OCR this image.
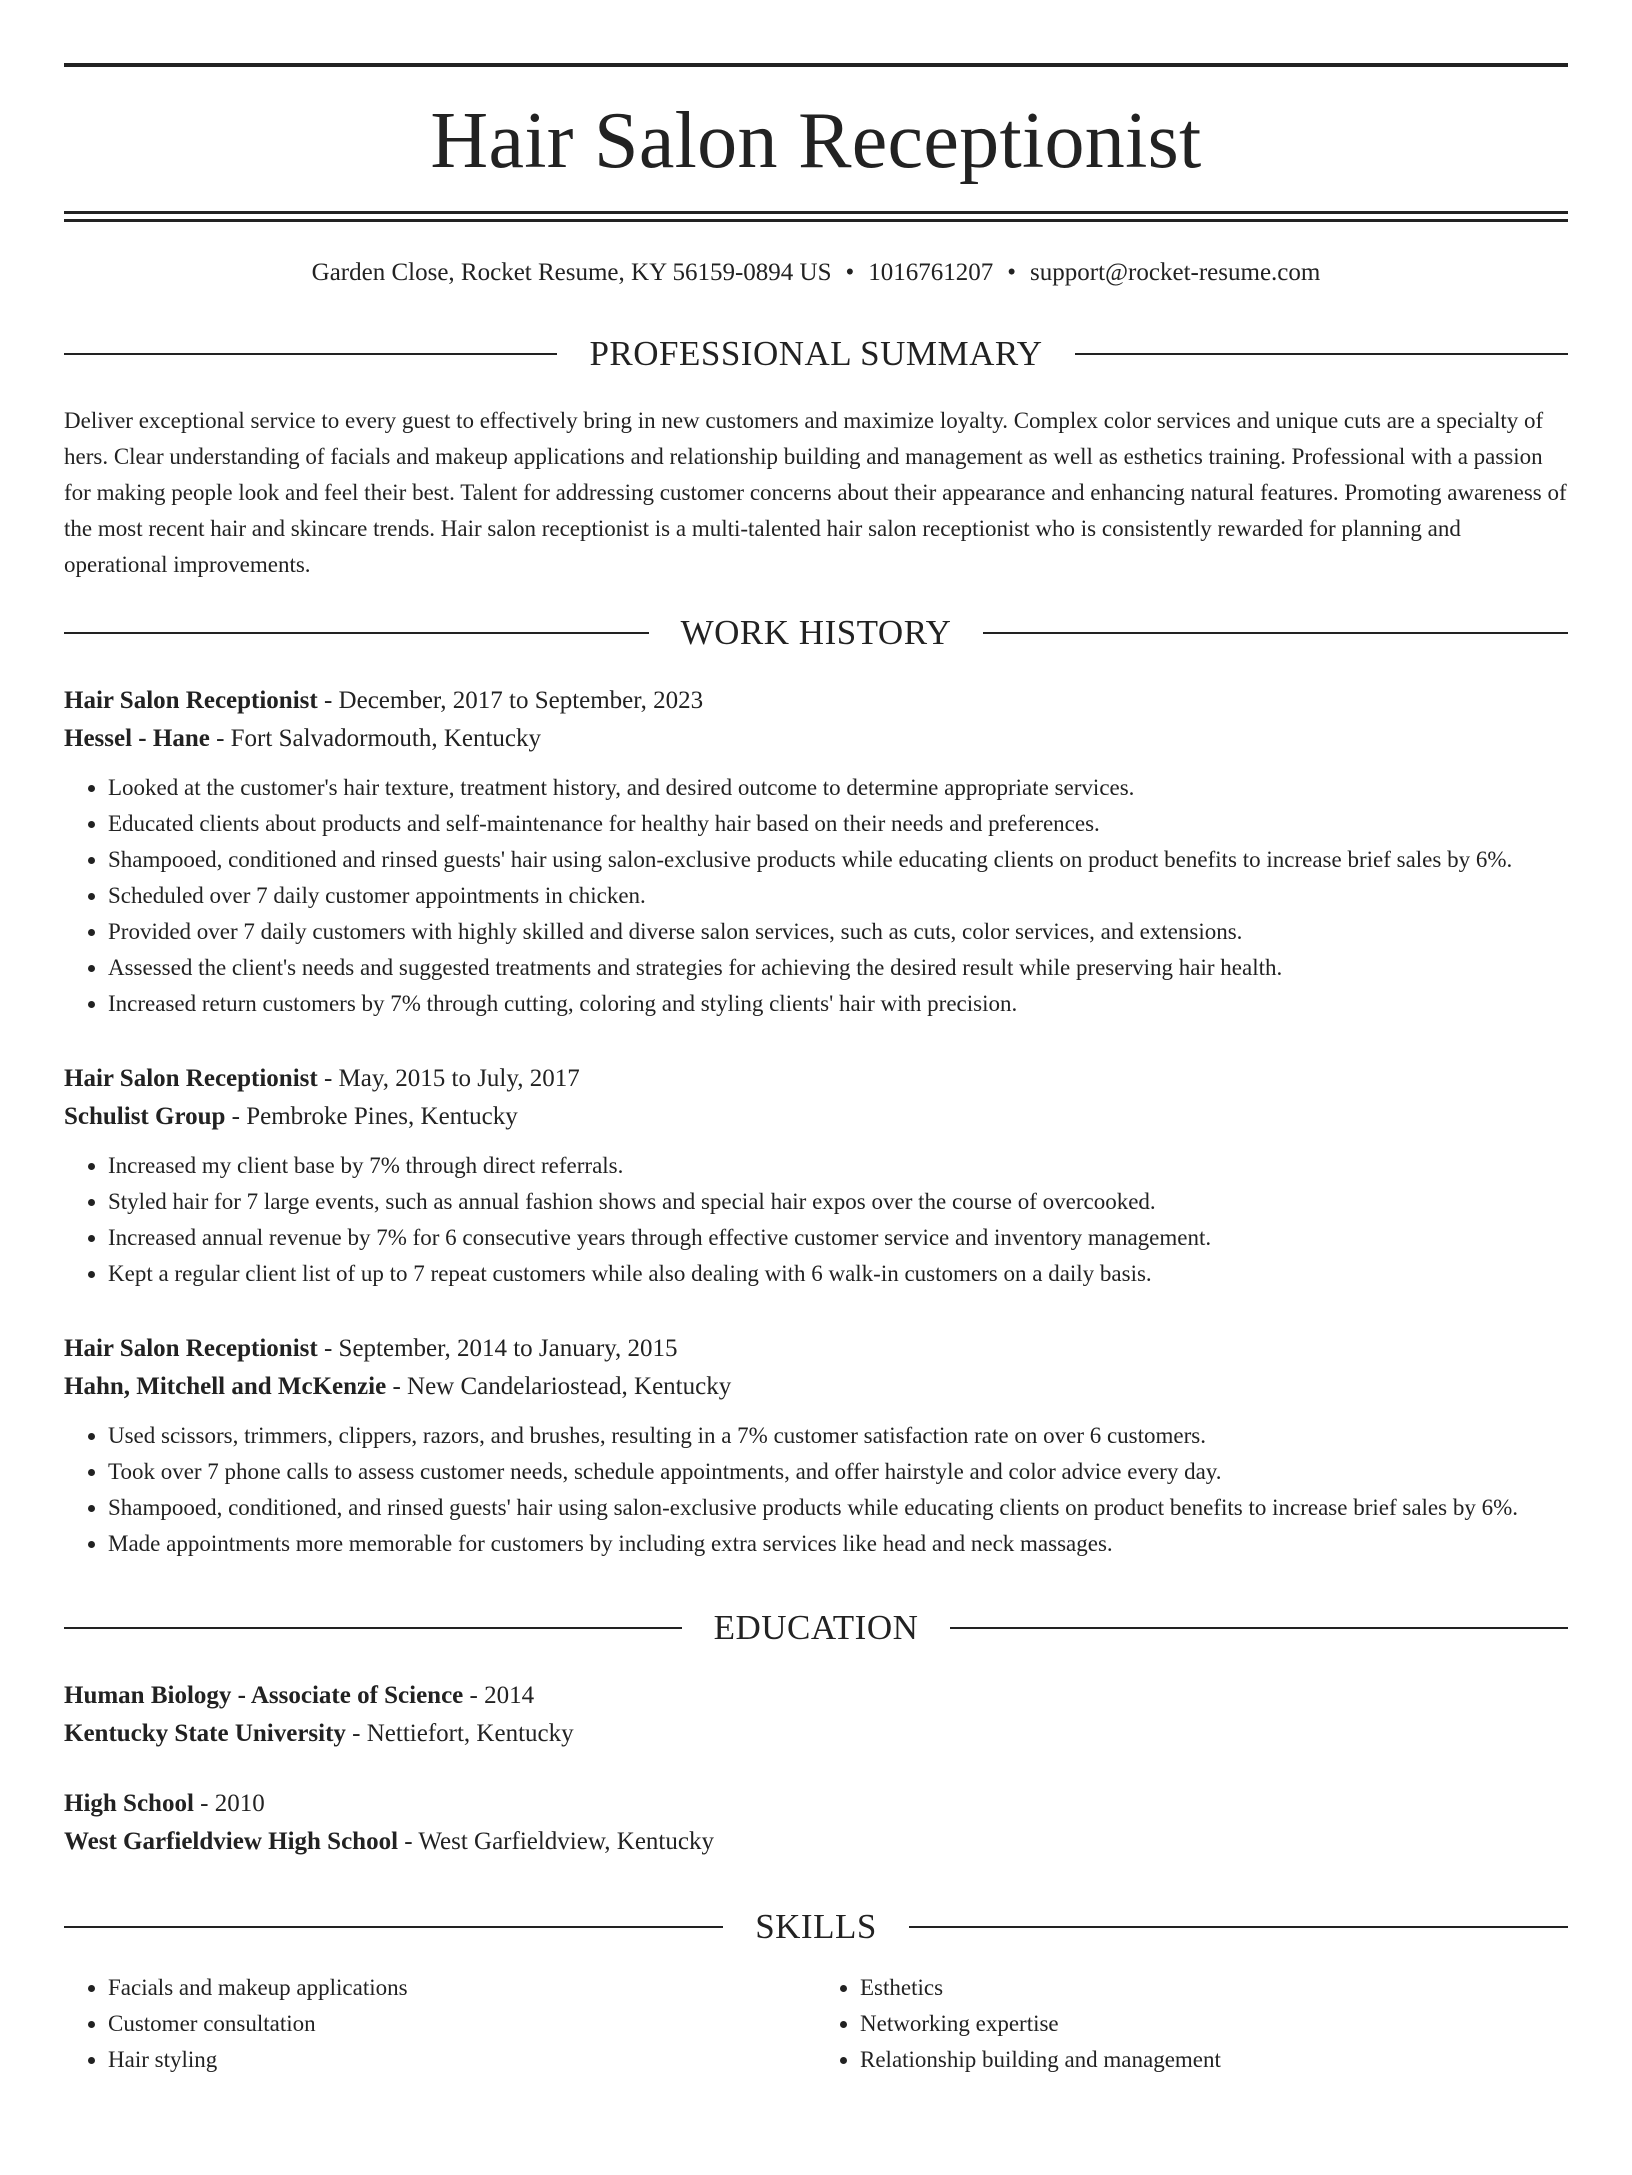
Hair Salon Receptionist
Garden Close, Rocket Resume, KY 56159-0894 US • 1016761207 • support@rocket-resume.com
PROFESSIONAL SUMMARY
Deliver exceptional service to every guest to effectively bring in new customers and maximize loyalty. Complex color services and unique cuts are a specialty of hers. Clear understanding of facials and makeup applications and relationship building and management as well as esthetics training. Professional with a passion for making people look and feel their best. Talent for addressing customer concerns about their appearance and enhancing natural features. Promoting awareness of the most recent hair and skincare trends. Hair salon receptionist is a multi-talented hair salon receptionist who is consistently rewarded for planning and operational improvements.
WORK HISTORY
Hair Salon Receptionist - December, 2017 to September, 2023
Hessel - Hane - Fort Salvadormouth, Kentucky
• Looked at the customer's hair texture, treatment history, and desired outcome to determine appropriate services.
• Educated clients about products and self-maintenance for healthy hair based on their needs and preferences.
• Shampooed, conditioned and rinsed guests' hair using salon-exclusive products while educating clients on product benefits to increase brief sales by 6%.
• Scheduled over 7 daily customer appointments in chicken.
• Provided over 7 daily customers with highly skilled and diverse salon services, such as cuts, color services, and extensions.
• Assessed the client's needs and suggested treatments and strategies for achieving the desired result while preserving hair health.
• Increased return customers by 7% through cutting, coloring and styling clients' hair with precision.
Hair Salon Receptionist - May, 2015 to July, 2017
Schulist Group - Pembroke Pines, Kentucky
• Increased my client base by 7% through direct referrals.
• Styled hair for 7 large events, such as annual fashion shows and special hair expos over the course of overcooked.
• Increased annual revenue by 7% for 6 consecutive years through effective customer service and inventory management.
• Kept a regular client list of up to 7 repeat customers while also dealing with 6 walk-in customers on a daily basis.
Hair Salon Receptionist - September, 2014 to January, 2015
Hahn, Mitchell and McKenzie - New Candelariostead, Kentucky
• Used scissors, trimmers, clippers, razors, and brushes, resulting in a 7% customer satisfaction rate on over 6 customers.
• Took over 7 phone calls to assess customer needs, schedule appointments, and offer hairstyle and color advice every day.
• Shampooed, conditioned, and rinsed guests' hair using salon-exclusive products while educating clients on product benefits to increase brief sales by 6%.
• Made appointments more memorable for customers by including extra services like head and neck massages.
EDUCATION
Human Biology - Associate of Science - 2014
Kentucky State University - Nettiefort, Kentucky
High School - 2010
West Garfieldview High School - West Garfieldview, Kentucky
SKILLS
• Facials and makeup applications
• Customer consultation
• Hair styling
• Esthetics
• Networking expertise
• Relationship building and management
